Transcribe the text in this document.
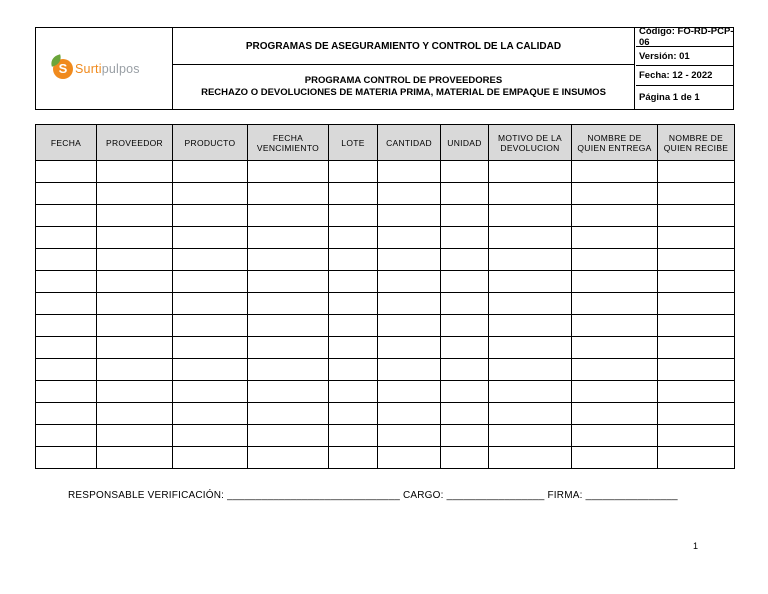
S Surtipulpos
PROGRAMAS DE ASEGURAMIENTO Y CONTROL DE LA CALIDAD
PROGRAMA CONTROL DE PROVEEDORES
RECHAZO O DEVOLUCIONES DE MATERIA PRIMA, MATERIAL DE EMPAQUE E INSUMOS
Código: FO-RD-PCP-06
Versión: 01
Fecha: 12 - 2022
Página 1 de 1
FECHA	PROVEEDOR	PRODUCTO	FECHA VENCIMIENTO	LOTE	CANTIDAD	UNIDAD	MOTIVO DE LA DEVOLUCION	NOMBRE DE QUIEN ENTREGA	NOMBRE DE QUIEN RECIBE

RESPONSABLE VERIFICACIÓN: ______________________________ CARGO: _________________ FIRMA: ________________
1
